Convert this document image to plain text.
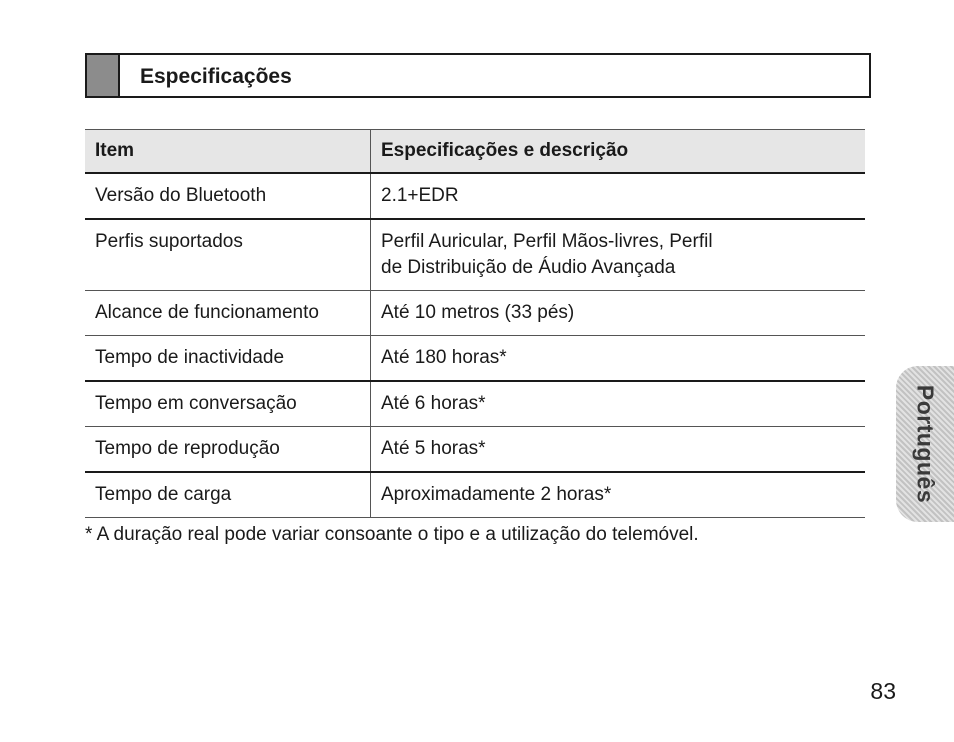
Especificações
Item	Especificações e descrição
Versão do Bluetooth	2.1+EDR
Perfis suportados	Perfil Auricular, Perfil Mãos-livres, Perfil
de Distribuição de Áudio Avançada
Alcance de funcionamento	Até 10 metros (33 pés)
Tempo de inactividade	Até 180 horas*
Tempo em conversação	Até 6 horas*
Tempo de reprodução	Até 5 horas*
Tempo de carga	Aproximadamente 2 horas*
* A duração real pode variar consoante o tipo e a utilização do telemóvel.
Português
83
